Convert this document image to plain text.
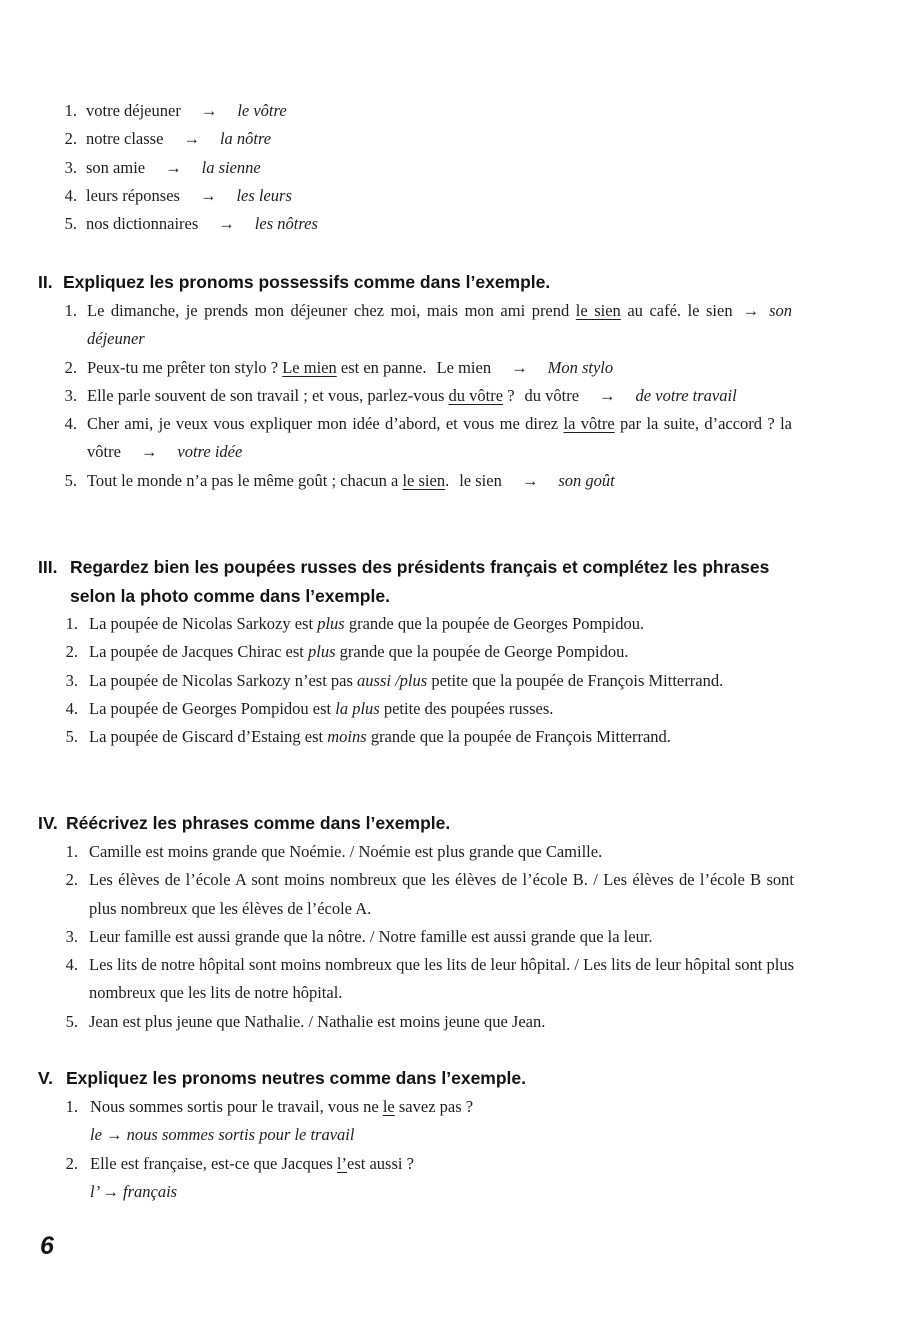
1. votre déjeuner → le vôtre
2. notre classe → la nôtre
3. son amie → la sienne
4. leurs réponses → les leurs
5. nos dictionnaires → les nôtres
II. Expliquez les pronoms possessifs comme dans l’exemple.
1. Le dimanche, je prends mon déjeuner chez moi, mais mon ami prend le sien au café. le sien → son déjeuner
2. Peux-tu me prêter ton stylo ? Le mien est en panne. Le mien → Mon stylo
3. Elle parle souvent de son travail ; et vous, parlez-vous du vôtre ? du vôtre → de votre travail
4. Cher ami, je veux vous expliquer mon idée d’abord, et vous me direz la vôtre par la suite, d’accord ? la vôtre → votre idée
5. Tout le monde n’a pas le même goût ; chacun a le sien. le sien → son goût
III. Regardez bien les poupées russes des présidents français et complétez les phrases selon la photo comme dans l’exemple.
1. La poupée de Nicolas Sarkozy est plus grande que la poupée de Georges Pompidou.
2. La poupée de Jacques Chirac est plus grande que la poupée de George Pompidou.
3. La poupée de Nicolas Sarkozy n’est pas aussi /plus petite que la poupée de François Mitterrand.
4. La poupée de Georges Pompidou est la plus petite des poupées russes.
5. La poupée de Giscard d’Estaing est moins grande que la poupée de François Mitterrand.
IV. Réécrivez les phrases comme dans l’exemple.
1. Camille est moins grande que Noémie. / Noémie est plus grande que Camille.
2. Les élèves de l’école A sont moins nombreux que les élèves de l’école B. / Les élèves de l’école B sont plus nombreux que les élèves de l’école A.
3. Leur famille est aussi grande que la nôtre. / Notre famille est aussi grande que la leur.
4. Les lits de notre hôpital sont moins nombreux que les lits de leur hôpital. / Les lits de leur hôpital sont plus nombreux que les lits de notre hôpital.
5. Jean est plus jeune que Nathalie. / Nathalie est moins jeune que Jean.
V. Expliquez les pronoms neutres comme dans l’exemple.
1. Nous sommes sortis pour le travail, vous ne le savez pas ?
le → nous sommes sortis pour le travail
2. Elle est française, est-ce que Jacques l’est aussi ?
l’ → français

6
